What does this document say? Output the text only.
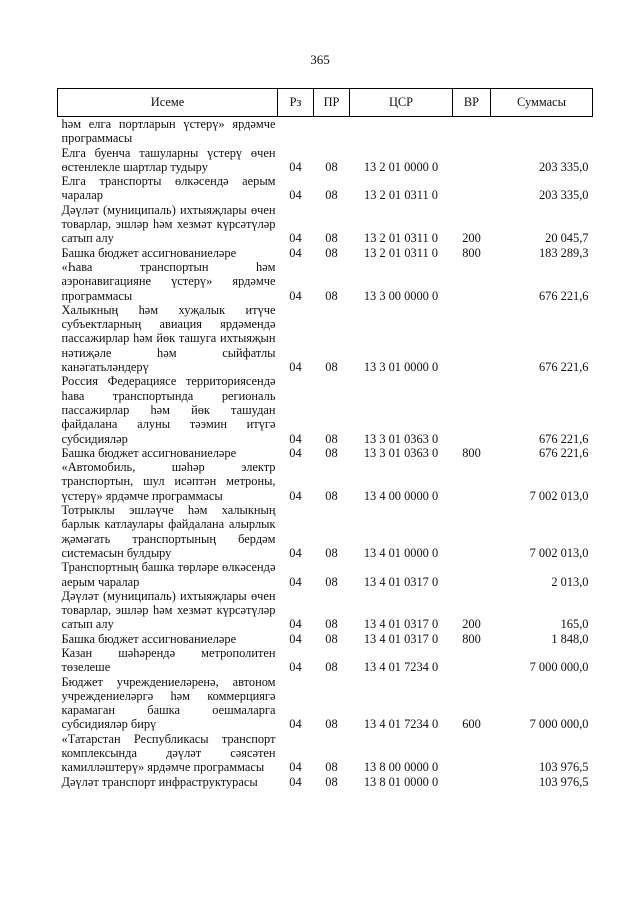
365
Исеме	Рз	ПР	ЦСР	ВР	Суммасы
һәм елга портларын үстерү» ярдәмче программасы					
Елга буенча ташуларны үстерү өчен өстенлекле шартлар тудыру	04	08	13 2 01 0000 0		203 335,0
Елга транспорты өлкәсендә аерым чаралар	04	08	13 2 01 0311 0		203 335,0
Дәүләт (муниципаль) ихтыяҗлары өчен товарлар, эшләр һәм хезмәт күрсәтүләр сатып алу	04	08	13 2 01 0311 0	200	20 045,7
Башка бюджет ассигнованиеләре	04	08	13 2 01 0311 0	800	183 289,3
«Һава транспортын һәм аэронавигацияне үстерү» ярдәмче программасы	04	08	13 3 00 0000 0		676 221,6
Халыкның һәм хуҗалык итүче субъектларның авиация ярдәмендә пассажирлар һәм йөк ташуга ихтыяҗын нәтиҗәле һәм сыйфатлы канәгатьләндерү	04	08	13 3 01 0000 0		676 221,6
Россия Федерациясе территориясендә һава транспортында региональ пассажирлар һәм йөк ташудан файдалана алуны тәэмин итүгә субсидияләр	04	08	13 3 01 0363 0		676 221,6
Башка бюджет ассигнованиеләре	04	08	13 3 01 0363 0	800	676 221,6
«Автомобиль, шәһәр электр транспортын, шул исәптән метроны, үстерү» ярдәмче программасы	04	08	13 4 00 0000 0		7 002 013,0
Тотрыклы эшләүче һәм халыкның барлык катлаулары файдалана алырлык җәмәгать транспортының бердәм системасын булдыру	04	08	13 4 01 0000 0		7 002 013,0
Транспортның башка төрләре өлкәсендә аерым чаралар	04	08	13 4 01 0317 0		2 013,0
Дәүләт (муниципаль) ихтыяҗлары өчен товарлар, эшләр һәм хезмәт күрсәтүләр сатып алу	04	08	13 4 01 0317 0	200	165,0
Башка бюджет ассигнованиеләре	04	08	13 4 01 0317 0	800	1 848,0
Казан шәһәрендә метрополитен төзелеше	04	08	13 4 01 7234 0		7 000 000,0
Бюджет учреждениеләренә, автоном учреждениеләргә һәм коммерциягә карамаган башка оешмаларга субсидияләр бирү	04	08	13 4 01 7234 0	600	7 000 000,0
«Татарстан Республикасы транспорт комплексында дәүләт сәясәтен камилләштерү» ярдәмче программасы	04	08	13 8 00 0000 0		103 976,5
Дәүләт транспорт инфраструктурасы	04	08	13 8 01 0000 0		103 976,5
